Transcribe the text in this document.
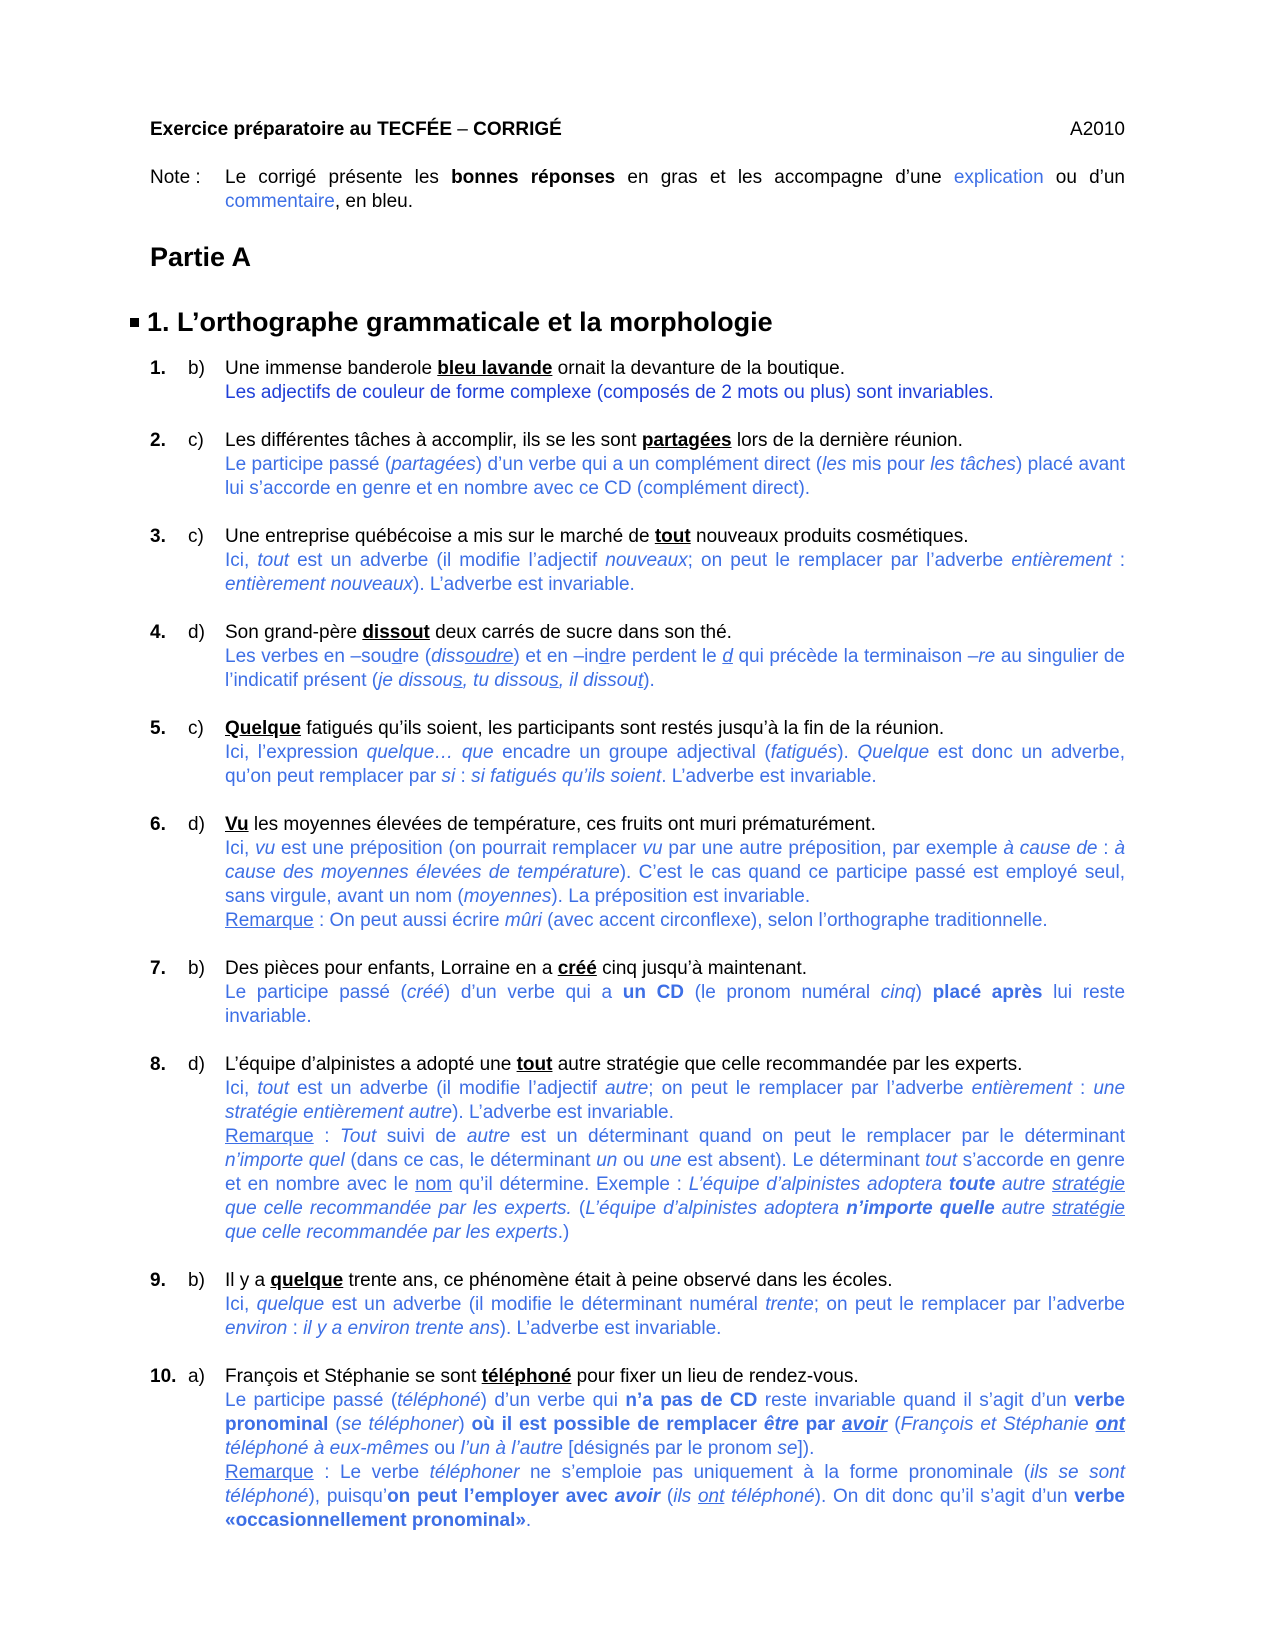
Exercice préparatoire au TECFÉE – CORRIGÉ	A2010
Note : Le corrigé présente les bonnes réponses en gras et les accompagne d’une explication ou d’un commentaire, en bleu.
Partie A
1. L’orthographe grammaticale et la morphologie
1.	b) Une immense banderole bleu lavande ornait la devanture de la boutique.
Les adjectifs de couleur de forme complexe (composés de 2 mots ou plus) sont invariables.
2.	c) Les différentes tâches à accomplir, ils se les sont partagées lors de la dernière réunion.
Le participe passé (partagées) d’un verbe qui a un complément direct (les mis pour les tâches) placé avant lui s’accorde en genre et en nombre avec ce CD (complément direct).
3.	c) Une entreprise québécoise a mis sur le marché de tout nouveaux produits cosmétiques.
Ici, tout est un adverbe (il modifie l’adjectif nouveaux; on peut le remplacer par l’adverbe entièrement : entièrement nouveaux). L’adverbe est invariable.
4.	d) Son grand-père dissout deux carrés de sucre dans son thé.
Les verbes en –soudre (dissoudre) et en –indre perdent le d qui précède la terminaison –re au singulier de l’indicatif présent (je dissous, tu dissous, il dissout).
5.	c) Quelque fatigués qu’ils soient, les participants sont restés jusqu’à la fin de la réunion.
Ici, l’expression quelque… que encadre un groupe adjectival (fatigués). Quelque est donc un adverbe, qu’on peut remplacer par si : si fatigués qu’ils soient. L’adverbe est invariable.
6.	d) Vu les moyennes élevées de température, ces fruits ont muri prématurément.
Ici, vu est une préposition (on pourrait remplacer vu par une autre préposition, par exemple à cause de : à cause des moyennes élevées de température). C’est le cas quand ce participe passé est employé seul, sans virgule, avant un nom (moyennes). La préposition est invariable.
Remarque : On peut aussi écrire mûri (avec accent circonflexe), selon l’orthographe traditionnelle.
7.	b) Des pièces pour enfants, Lorraine en a créé cinq jusqu’à maintenant.
Le participe passé (créé) d’un verbe qui a un CD (le pronom numéral cinq) placé après lui reste invariable.
8.	d) L’équipe d’alpinistes a adopté une tout autre stratégie que celle recommandée par les experts.
Ici, tout est un adverbe (il modifie l’adjectif autre; on peut le remplacer par l’adverbe entièrement : une stratégie entièrement autre). L’adverbe est invariable.
Remarque : Tout suivi de autre est un déterminant quand on peut le remplacer par le déterminant n’importe quel (dans ce cas, le déterminant un ou une est absent). Le déterminant tout s’accorde en genre et en nombre avec le nom qu’il détermine. Exemple : L’équipe d’alpinistes adoptera toute autre stratégie que celle recommandée par les experts. (L’équipe d’alpinistes adoptera n’importe quelle autre stratégie que celle recommandée par les experts.)
9.	b) Il y a quelque trente ans, ce phénomène était à peine observé dans les écoles.
Ici, quelque est un adverbe (il modifie le déterminant numéral trente; on peut le remplacer par l’adverbe environ : il y a environ trente ans). L’adverbe est invariable.
10. a) François et Stéphanie se sont téléphoné pour fixer un lieu de rendez-vous.
Le participe passé (téléphoné) d’un verbe qui n’a pas de CD reste invariable quand il s’agit d’un verbe pronominal (se téléphoner) où il est possible de remplacer être par avoir (François et Stéphanie ont téléphoné à eux-mêmes ou l’un à l’autre [désignés par le pronom se]).
Remarque : Le verbe téléphoner ne s’emploie pas uniquement à la forme pronominale (ils se sont téléphoné), puisqu’on peut l’employer avec avoir (ils ont téléphoné). On dit donc qu’il s’agit d’un verbe «occasionnellement pronominal».
